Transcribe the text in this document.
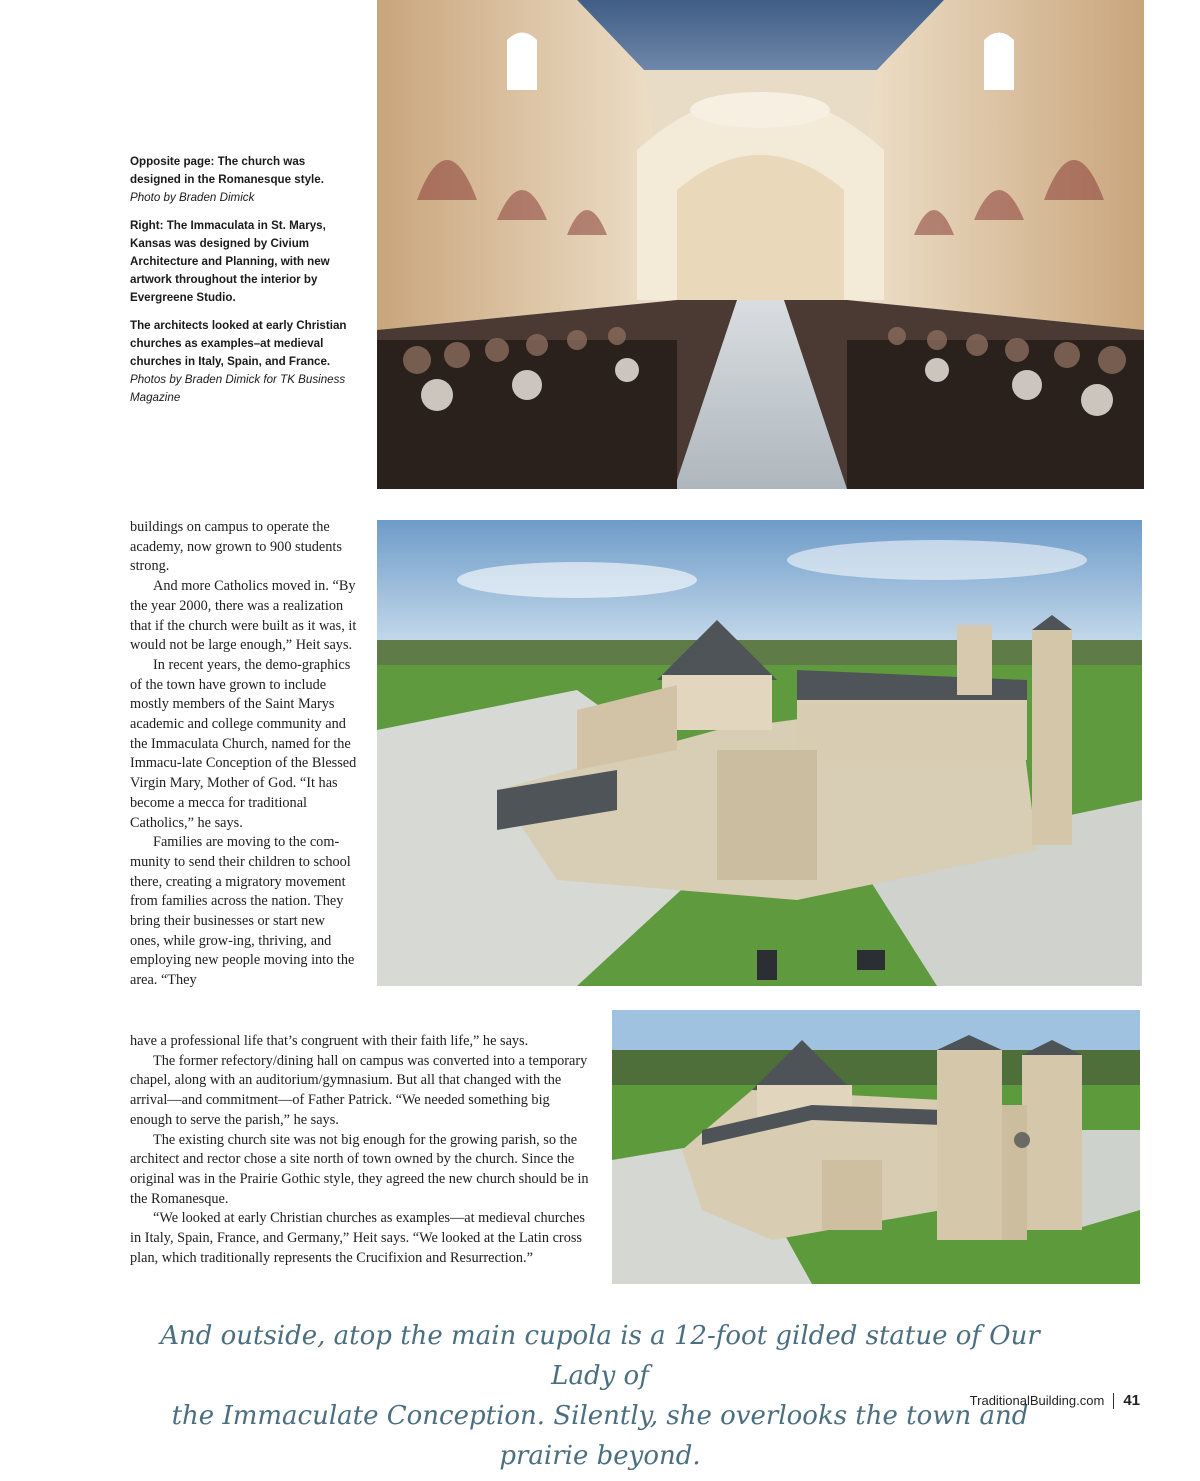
Opposite page: The church was designed in the Romanesque style.
Photo by Braden Dimick

Right: The Immaculata in St. Marys, Kansas was designed by Civium Architecture and Planning, with new artwork throughout the interior by Evergreene Studio.

The architects looked at early Christian churches as examples–at medieval churches in Italy, Spain, and France. Photos by Braden Dimick for TK Business Magazine

buildings on campus to operate the academy, now grown to 900 students strong.

And more Catholics moved in. “By the year 2000, there was a realization that if the church were built as it was, it would not be large enough,” Heit says.

In recent years, the demo-graphics of the town have grown to include mostly members of the Saint Marys academic and college community and the Immaculata Church, named for the Immacu-late Conception of the Blessed Virgin Mary, Mother of God. “It has become a mecca for traditional Catholics,” he says.

Families are moving to the com-munity to send their children to school there, creating a migratory movement from families across the nation. They bring their businesses or start new ones, while grow-ing, thriving, and employing new people moving into the area. “They

have a professional life that’s congruent with their faith life,” he says.

The former refectory/dining hall on campus was converted into a temporary chapel, along with an auditorium/gymnasium. But all that changed with the arrival—and commitment—of Father Patrick. “We needed something big enough to serve the parish,” he says.

The existing church site was not big enough for the growing parish, so the architect and rector chose a site north of town owned by the church. Since the original was in the Prairie Gothic style, they agreed the new church should be in the Romanesque.

“We looked at early Christian churches as examples—at medieval churches in Italy, Spain, France, and Germany,” Heit says. “We looked at the Latin cross plan, which traditionally represents the Crucifixion and Resurrection.”

And outside, atop the main cupola is a 12-foot gilded statue of Our Lady of
the Immaculate Conception. Silently, she overlooks the town and prairie beyond.
TraditionalBuilding.com 41
